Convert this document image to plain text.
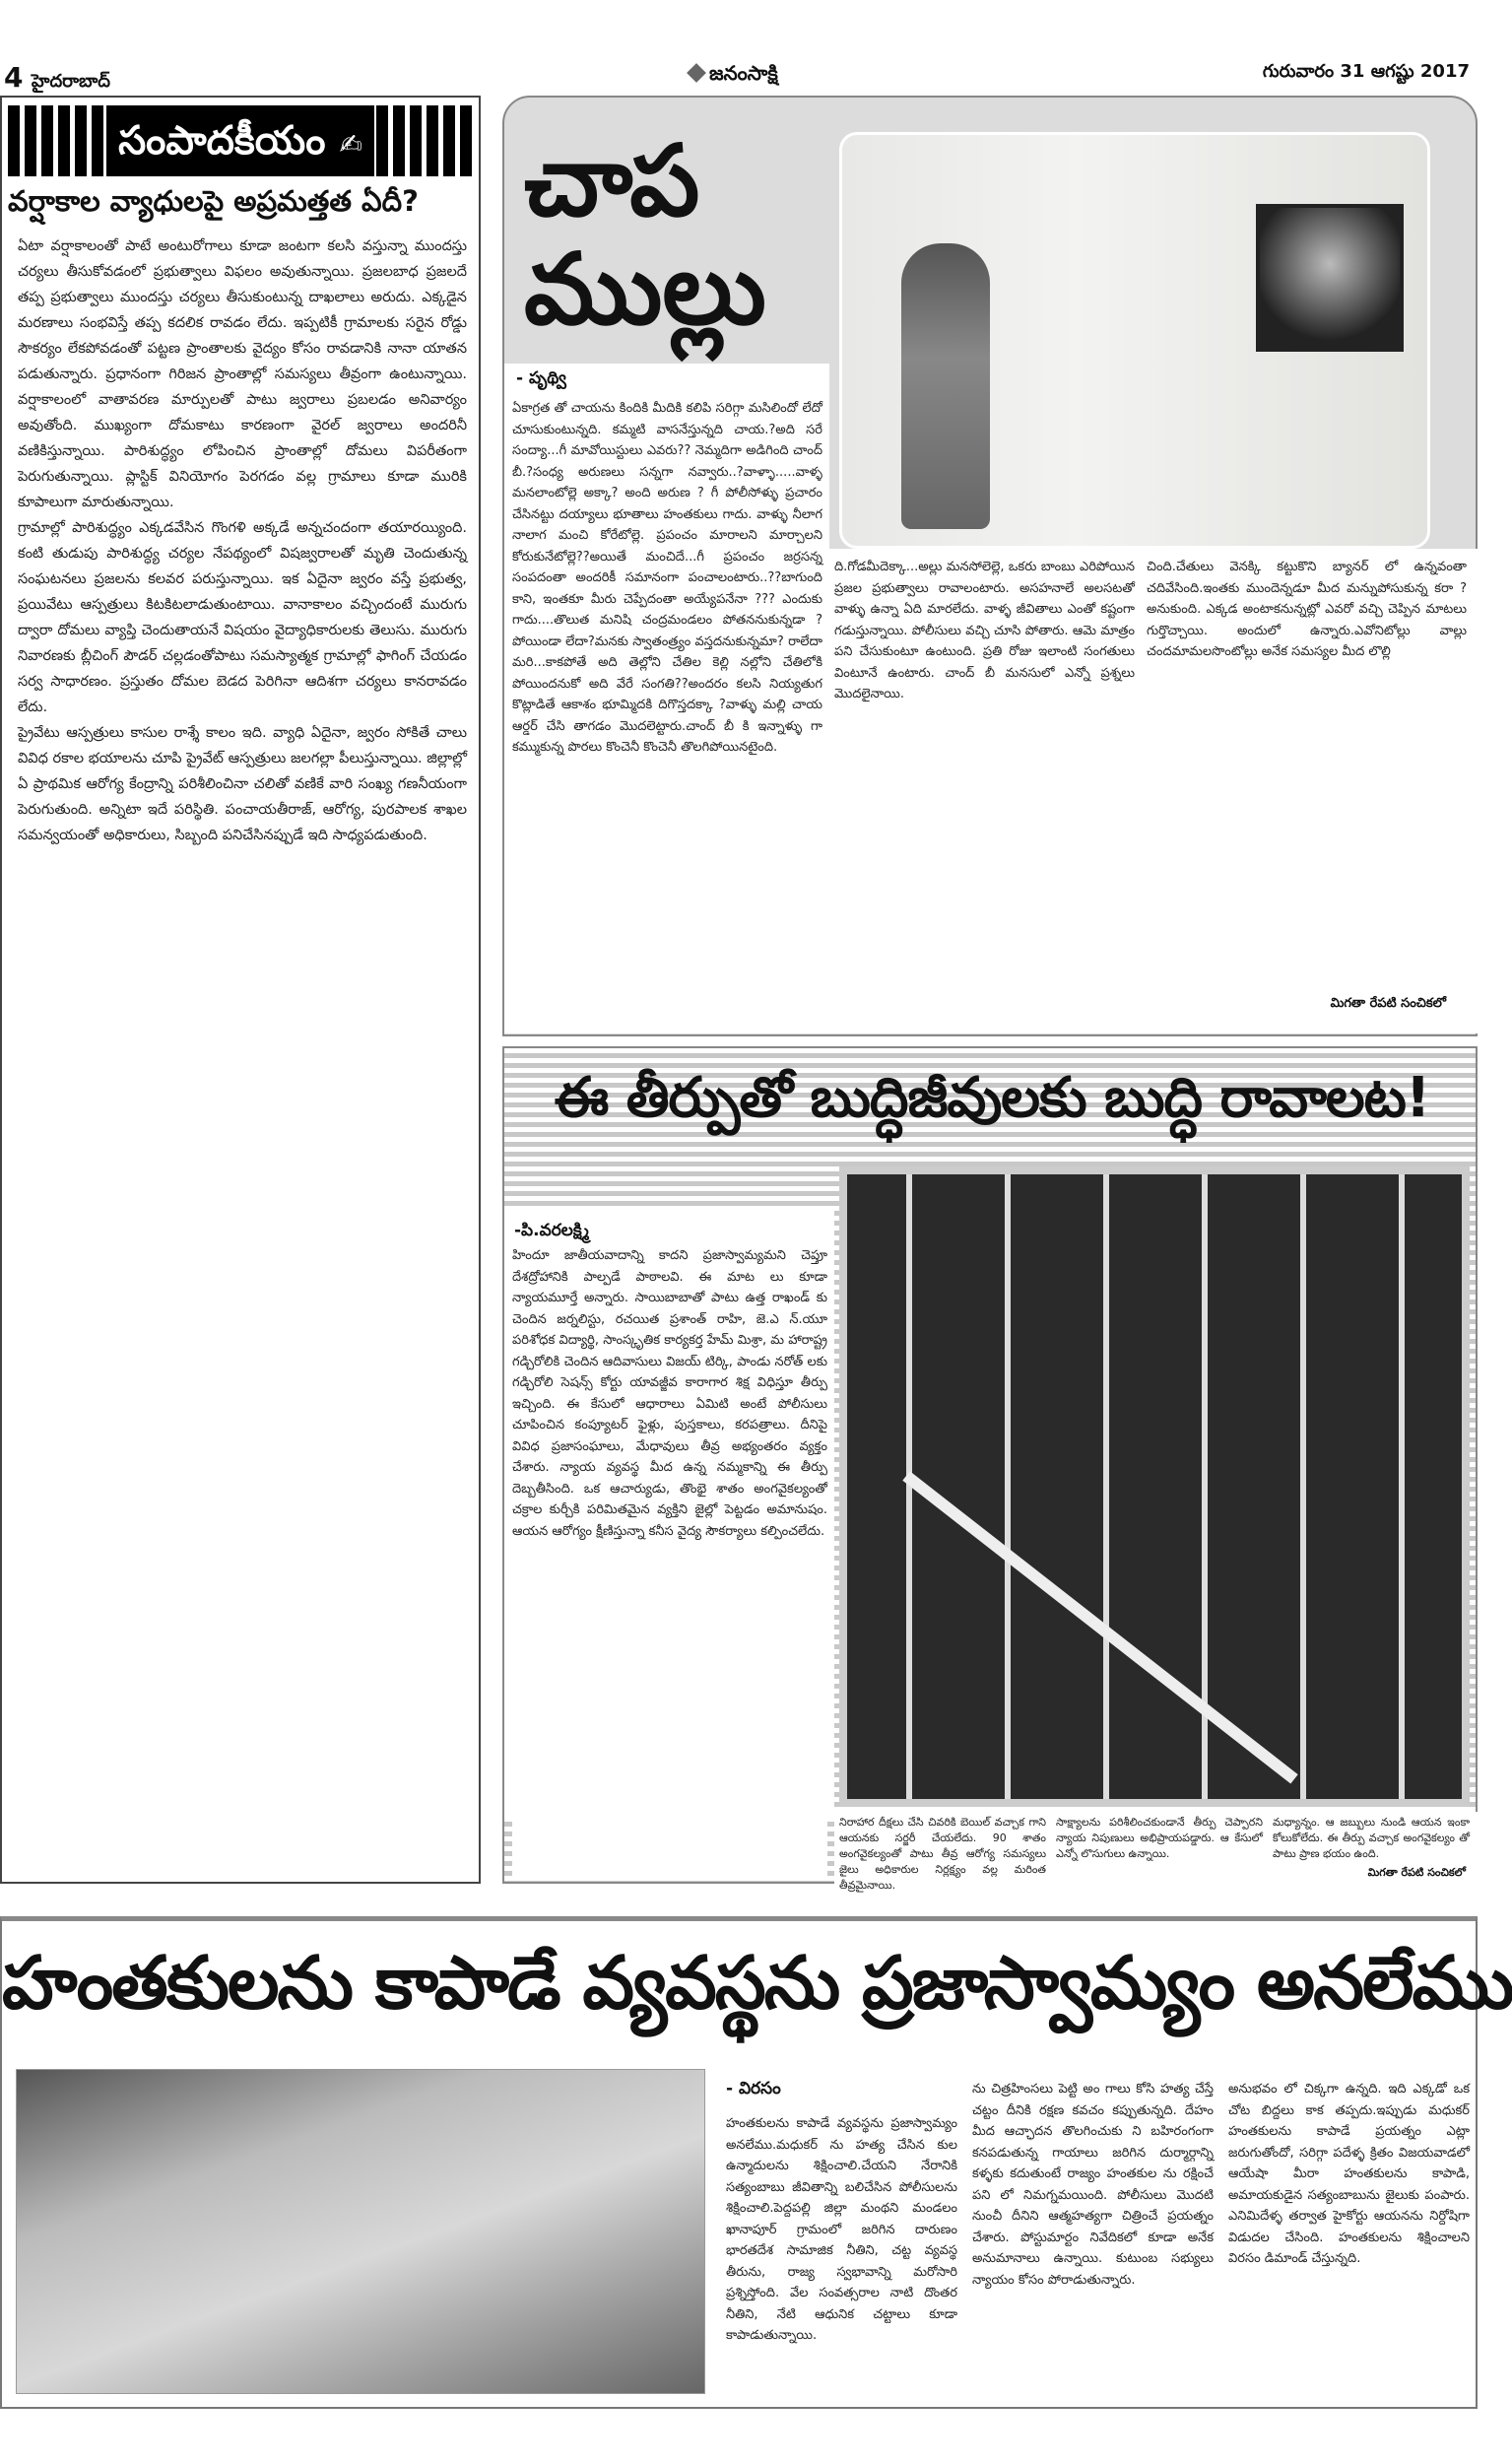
4 హైదరాబాద్	జనంసాక్షి	గురువారం 31 ఆగష్టు 2017
సంపాదకీయం ✍
వర్షాకాల వ్యాధులపై అప్రమత్తత ఏదీ?

ఏటా వర్షాకాలంతో పాటే అంటురోగాలు కూడా జంటగా కలసి వస్తున్నా ముందస్తు చర్యలు తీసుకోవడంలో ప్రభుత్వాలు విఫలం అవుతున్నాయి. ప్రజలబాధ ప్రజలదే తప్ప ప్రభుత్వాలు ముందస్తు చర్యలు తీసుకుంటున్న దాఖలాలు అరుదు. ఎక్కడైన మరణాలు సంభవిస్తే తప్ప కదలిక రావడం లేదు. ఇప్పటికీ గ్రామాలకు సరైన రోడ్డు సౌకర్యం లేకపోవడంతో పట్టణ ప్రాంతాలకు వైద్యం కోసం రావడానికి నానా యాతన పడుతున్నారు. ప్రధానంగా గిరిజన ప్రాంతాల్లో సమస్యలు తీవ్రంగా ఉంటున్నాయి. వర్షాకాలంలో వాతావరణ మార్పులతో పాటు జ్వరాలు ప్రబలడం అనివార్యం అవుతోంది. ముఖ్యంగా దోమకాటు కారణంగా వైరల్ జ్వరాలు అందరినీ వణికిస్తున్నాయి. పారిశుద్ధ్యం లోపించిన ప్రాంతాల్లో దోమలు విపరీతంగా పెరుగుతున్నాయి. ప్లాస్టిక్ వినియోగం పెరగడం వల్ల గ్రామాలు కూడా మురికి కూపాలుగా మారుతున్నాయి.

గ్రామాల్లో పారిశుద్ధ్యం ఎక్కడవేసిన గొంగళి అక్కడే అన్నచందంగా తయారయ్యింది. కంటి తుడుపు పారిశుద్ధ్య చర్యల నేపథ్యంలో విషజ్వరాలతో మృతి చెందుతున్న సంఘటనలు ప్రజలను కలవర పరుస్తున్నాయి. ఇక ఏదైనా జ్వరం వస్తే ప్రభుత్వ, ప్రయివేటు ఆస్పత్రులు కిటకిటలాడుతుంటాయి. వానాకాలం వచ్చిందంటే మురుగు ద్వారా దోమలు వ్యాప్తి చెందుతాయనే విషయం వైద్యాధికారులకు తెలుసు. మురుగు నివారణకు బ్లీచింగ్ పౌడర్ చల్లడంతోపాటు సమస్యాత్మక గ్రామాల్లో ఫాగింగ్ చేయడం సర్వ సాధారణం. ప్రస్తుతం దోమల బెడద పెరిగినా ఆదిశగా చర్యలు కానరావడం లేదు.

ప్రైవేటు ఆస్పత్రులు కాసుల రాశ్శే కాలం ఇది. వ్యాధి ఏదైనా, జ్వరం సోకితే చాలు వివిధ రకాల భయాలను చూపి ప్రైవేట్ ఆస్పత్రులు జలగల్లా పీలుస్తున్నాయి. జిల్లాల్లో ఏ ప్రాథమిక ఆరోగ్య కేంద్రాన్ని పరిశీలించినా చలితో వణికే వారి సంఖ్య గణనీయంగా పెరుగుతుంది. అన్నిటా ఇదే పరిస్థితి. పంచాయతీరాజ్, ఆరోగ్య, పురపాలక శాఖల సమన్వయంతో అధికారులు, సిబ్బంది పనిచేసినప్పుడే ఇది సాధ్యపడుతుంది.

చాప
ముల్లు
- పృథ్వి
ఏకాగ్రత తో చాయను కిందికి మీదికి కలిపి సరిగ్గా మసిలిందో లేదో చూసుకుంటున్నది. కమ్మటి వాసనేస్తున్నది చాయ.?అది సరే సంద్యా...గీ మావోయిస్టులు ఎవరు?? నెమ్మదిగా అడిగింది చాంద్ బీ.?సంధ్య అరుణలు సన్నగా నవ్వారు..?వాళ్ళా.....వాళ్ళ మనలాంటోల్లె అక్కా? అంది అరుణ ? గీ పోలీసోళ్ళు ప్రచారం చేసినట్టు దయ్యాలు భూతాలు హంతకులు గాదు. వాళ్ళు నీలాగ నాలాగ మంచి కోరేటోల్లె. ప్రపంచం మారాలని మార్చాలని కోరుకునేటోల్లె??అయితే మంచిదే...గీ ప్రపంచం జర్రసన్న సంపదంతా అందరికీ సమానంగా పంచాలంటారు..??బాగుంది కాని, ఇంతకూ మీరు చెప్పేదంతా అయ్యేపనేనా ??? ఎందుకు గాదు....తొలుత మనిషి చంద్రమండలం పోతననుకున్నడా ? పోయిండా లేదా?మనకు స్వాతంత్ర్యం వస్తదనుకున్నమా? రాలేదా మరి...కాకపోతే అది తెల్లోని చేతిల కెల్లి నల్లోని చేతిలోకి పోయిందనుకో అది వేరే సంగతి??అందరం కలసి నియ్యతుగ కొట్లాడితే ఆకాశం భూమ్మిదకి దిగొస్తదక్కా ?వాళ్ళు మల్లి చాయ ఆర్డర్ చేసి తాగడం మొదలెట్టారు.చాంద్ బీ కి ఇన్నాళ్ళు గా కమ్ముకున్న పొరలు కొంచెనీ కొంచెనీ తొలగిపోయినటైంది.
ది.గోడమీదెక్కా...అల్లు మనసోలెల్లె, ఒకరు బాంబు ఎరిపోయిన ప్రజల ప్రభుత్వాలు రావాలంటారు. అసహనాలే అలసటతో వాళ్ళు ఉన్నా ఏది మారలేదు. వాళ్ళ జీవితాలు ఎంతో కష్టంగా గడుస్తున్నాయి. పోలీసులు వచ్చి చూసి పోతారు. ఆమె మాత్రం పని చేసుకుంటూ ఉంటుంది. ప్రతి రోజు ఇలాంటి సంగతులు వింటూనే ఉంటారు. చాంద్ బీ మనసులో ఎన్నో ప్రశ్నలు మొదలైనాయి.
చింది.చేతులు వెనక్కి కట్టుకొని బ్యానర్ లో ఉన్నవంతా చదివేసింది.ఇంతకు ముందెన్నడూ మీద మన్నుపోసుకున్న కరా ? అనుకుంది. ఎక్కడ అంటాకనున్నట్లో ఎవరో వచ్చి చెప్పిన మాటలు గుర్తొచ్చాయి. అందులో ఉన్నారు.ఎవోనిటోల్లు వాల్లు చందమామలసొంటోల్లు అనేక సమస్యల మీద లొల్లి
మిగతా రేపటి సంచికలో
ఈ తీర్పుతో బుద్ధిజీవులకు బుద్ధి రావాలట!
-పి.వరలక్ష్మి
హిందూ జాతీయవాదాన్ని కాదని ప్రజాస్వామ్యమని చెప్తూ దేశద్రోహానికి పాల్పడే పాఠాలవి. ఈ మాట లు కూడా న్యాయమూర్తే అన్నారు. సాయిబాబాతో పాటు ఉత్త రాఖండ్ కు చెందిన జర్నలిస్టు, రచయిత ప్రశాంత్ రాహి, జె.ఎ న్.యూ పరిశోధక విద్యార్థి, సాంస్కృతిక కార్యకర్త హేమ్ మిశ్రా, మ హారాష్ట్ర గడ్చిరోలికి చెందిన ఆదివాసులు విజయ్ టిర్కి, పాండు నరోత్ లకు గడ్చిరోలి సెషన్స్ కోర్టు యావజ్జీవ కారాగార శిక్ష విధిస్తూ తీర్పు ఇచ్చింది. ఈ కేసులో ఆధారాలు ఏమిటి అంటే పోలీసులు చూపించిన కంప్యూటర్ ఫైళ్లు, పుస్తకాలు, కరపత్రాలు. దీనిపై వివిధ ప్రజాసంఘాలు, మేధావులు తీవ్ర అభ్యంతరం వ్యక్తం చేశారు. న్యాయ వ్యవస్థ మీద ఉన్న నమ్మకాన్ని ఈ తీర్పు దెబ్బతీసింది. ఒక ఆచార్యుడు, తొంభై శాతం అంగవైకల్యంతో చక్రాల కుర్చీకి పరిమితమైన వ్యక్తిని జైల్లో పెట్టడం అమానుషం. ఆయన ఆరోగ్యం క్షీణిస్తున్నా కనీస వైద్య సౌకర్యాలు కల్పించలేదు.
నిరాహార దీక్షలు చేసి చివరికి బెయిల్ వచ్చాక గాని ఆయనకు సర్జరీ చేయలేదు. 90 శాతం అంగవైకల్యంతో పాటు తీవ్ర ఆరోగ్య సమస్యలు జైలు అధికారుల నిర్లక్ష్యం వల్ల మరింత తీవ్రమైనాయి.
సాక్ష్యాలను పరిశీలించకుండానే తీర్పు చెప్పారని న్యాయ నిపుణులు అభిప్రాయపడ్డారు. ఆ కేసులో ఎన్నో లొసుగులు ఉన్నాయి.
మధ్యాన్నం. ఆ జబ్బులు నుండి ఆయన ఇంకా కోలుకోలేదు. ఈ తీర్పు వచ్చాక అంగవైకల్యం తో పాటు ప్రాణ భయం ఉంది.
మిగతా రేపటి సంచికలో
హంతకులను కాపాడే వ్యవస్థను ప్రజాస్వామ్యం అనలేము
- విరసం
హంతకులను కాపాడే వ్యవస్థను ప్రజాస్వామ్యం అనలేము.మధుకర్ ను హత్య చేసిన కుల ఉన్మాదులను శిక్షించాలి.చేయని నేరానికి సత్యంబాబు జీవితాన్ని బలిచేసిన పోలీసులను శిక్షించాలి.పెద్దపల్లి జిల్లా మంథని మండలం ఖానాపూర్ గ్రామంలో జరిగిన దారుణం భారతదేశ సామాజిక నీతిని, చట్ట వ్యవస్థ తీరును, రాజ్య స్వభావాన్ని మరోసారి ప్రశ్నిస్తోంది. వేల సంవత్సరాల నాటి దొంతర నీతిని, నేటి ఆధునిక చట్టాలు కూడా కాపాడుతున్నాయి.
ను చిత్రహింసలు పెట్టి అం గాలు కోసి హత్య చేస్తే చట్టం దీనికి రక్షణ కవచం కప్పుతున్నది. దేహం మీద ఆచ్ఛాదన తొలగించుకు ని బహిరంగంగా కనపడుతున్న గాయాలు జరిగిన దుర్మార్గాన్ని కళ్ళకు కదుతుంటే రాజ్యం హంతకుల ను రక్షించే పని లో నిమగ్నమయింది. పోలీసులు మొదటి నుంచీ దీనిని ఆత్మహత్యగా చిత్రించే ప్రయత్నం చేశారు. పోస్టుమార్టం నివేదికలో కూడా అనేక అనుమానాలు ఉన్నాయి. కుటుంబ సభ్యులు న్యాయం కోసం పోరాడుతున్నారు.
అనుభవం లో చిక్కగా ఉన్నది. ఇది ఎక్కడో ఒక చోట బిద్దలు కాక తప్పదు.ఇప్పుడు మధుకర్ హంతకులను కాపాడే ప్రయత్నం ఎట్లా జరుగుతోందో, సరిగ్గా పదేళ్ళ క్రితం విజయవాడలో ఆయేషా మీరా హంతకులను కాపాడి, అమాయకుడైన సత్యంబాబును జైలుకు పంపారు. ఎనిమిదేళ్ళ తర్వాత హైకోర్టు ఆయనను నిర్దోషిగా విడుదల చేసింది. హంతకులను శిక్షించాలని విరసం డిమాండ్ చేస్తున్నది.
